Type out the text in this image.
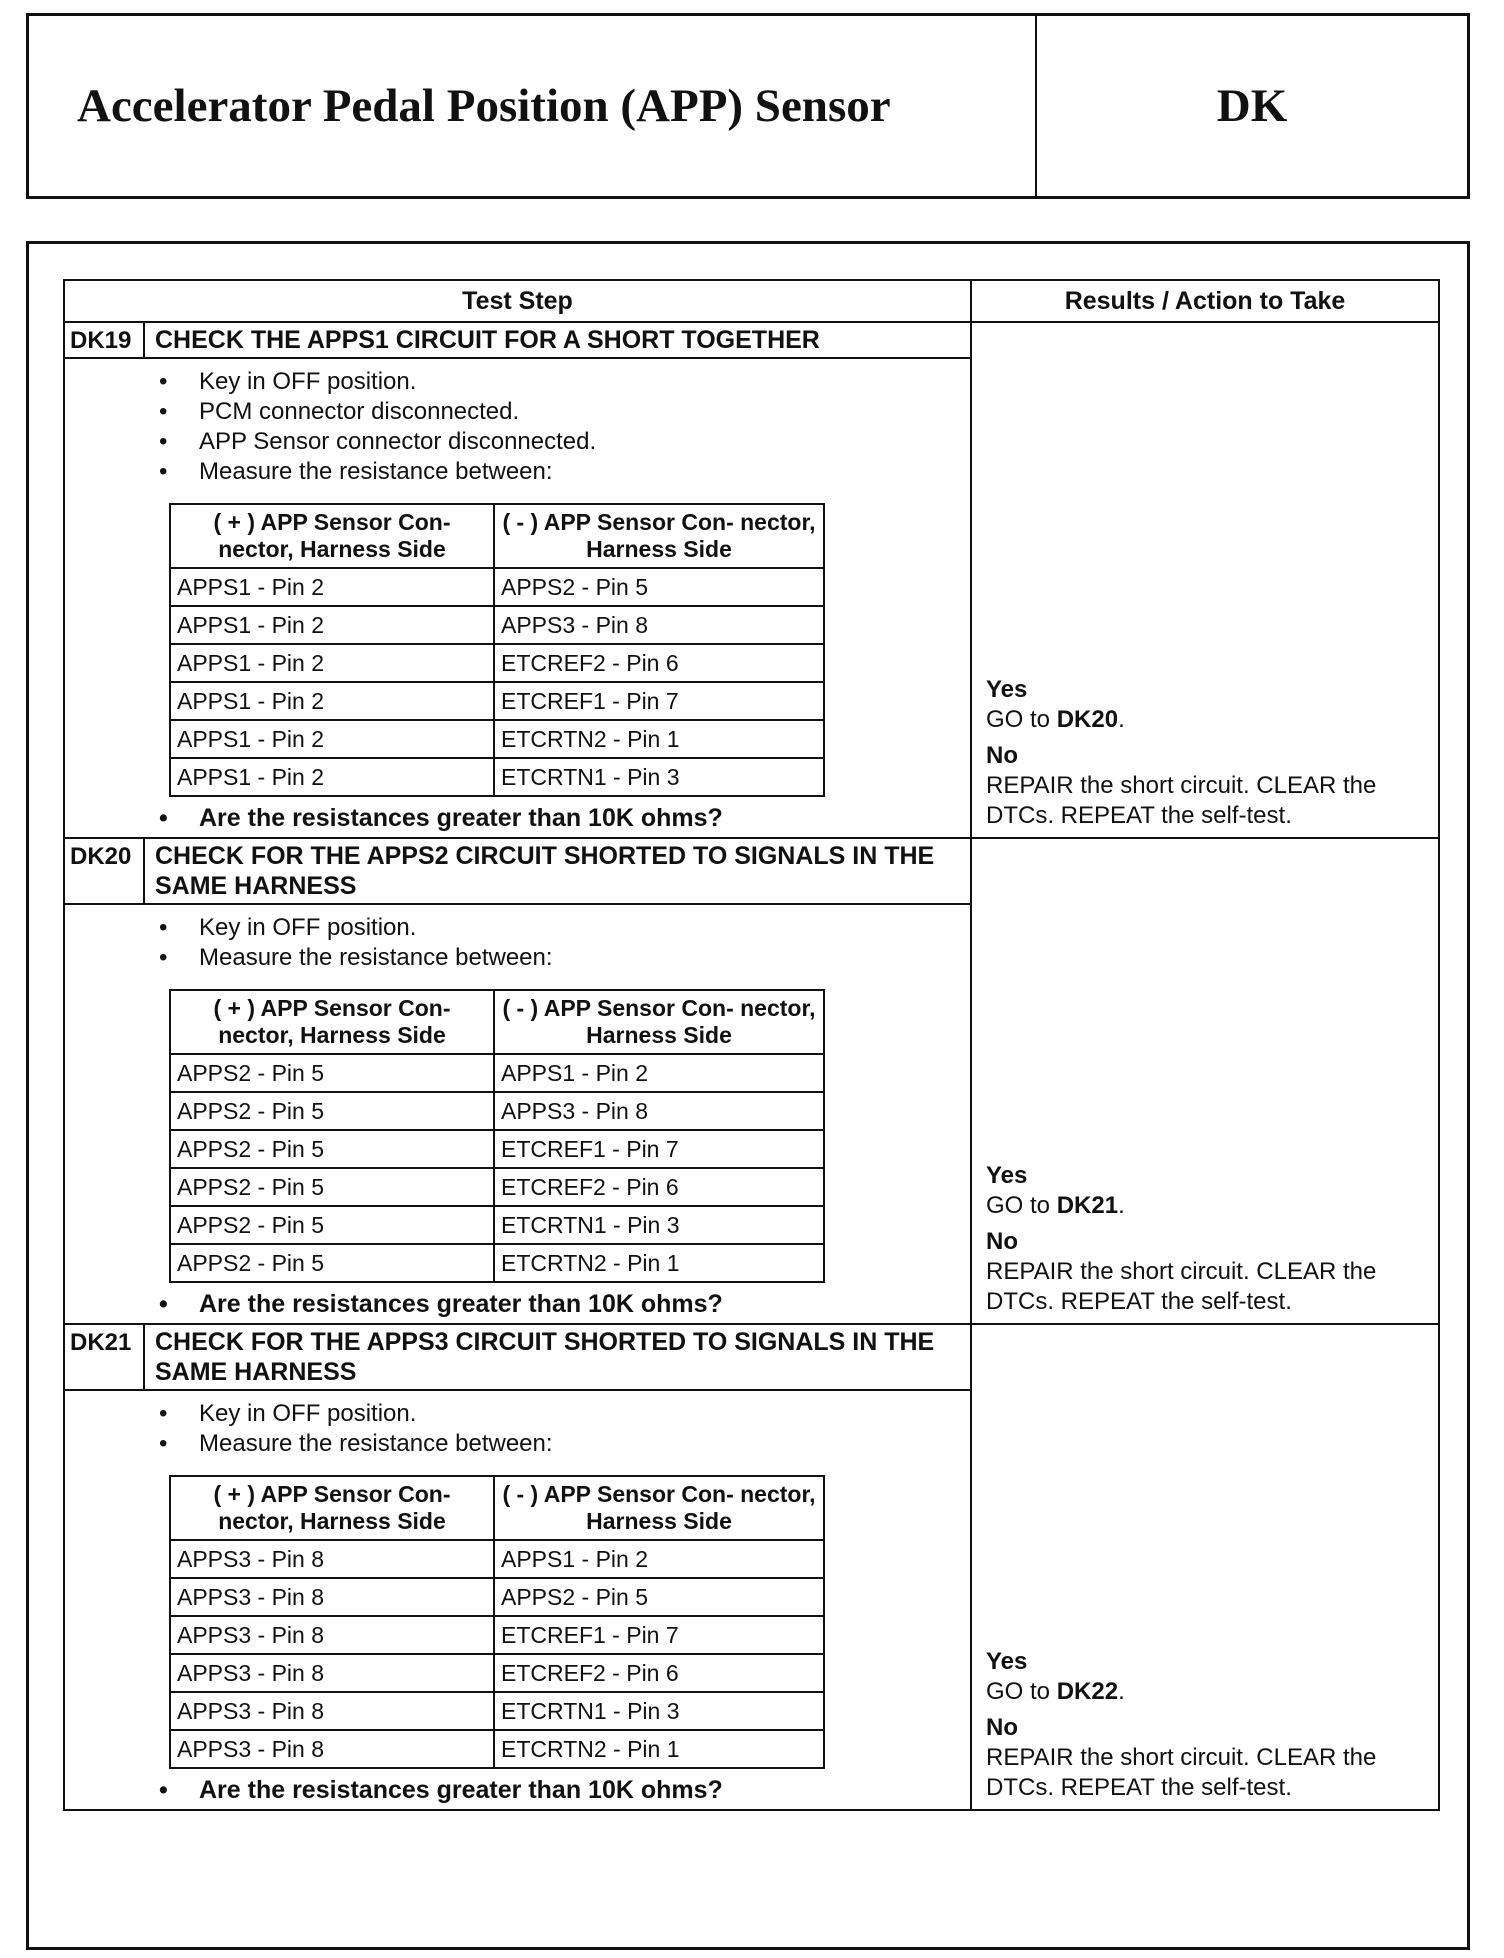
Accelerator Pedal Position (APP) Sensor	DK
Test Step	Results / Action to Take
DK19 CHECK THE APPS1 CIRCUIT FOR A SHORT TOGETHER
• Key in OFF position.
• PCM connector disconnected.
• APP Sensor connector disconnected.
• Measure the resistance between:
( + ) APP Sensor Con- nector, Harness Side	( - ) APP Sensor Con- nector, Harness Side
APPS1 - Pin 2	APPS2 - Pin 5
APPS1 - Pin 2	APPS3 - Pin 8
APPS1 - Pin 2	ETCREF2 - Pin 6
APPS1 - Pin 2	ETCREF1 - Pin 7
APPS1 - Pin 2	ETCRTN2 - Pin 1
APPS1 - Pin 2	ETCRTN1 - Pin 3
• Are the resistances greater than 10K ohms?
Yes
GO to DK20.
No
REPAIR the short circuit. CLEAR the DTCs. REPEAT the self-test.
DK20 CHECK FOR THE APPS2 CIRCUIT SHORTED TO SIGNALS IN THE SAME HARNESS
• Key in OFF position.
• Measure the resistance between:
( + ) APP Sensor Con- nector, Harness Side	( - ) APP Sensor Con- nector, Harness Side
APPS2 - Pin 5	APPS1 - Pin 2
APPS2 - Pin 5	APPS3 - Pin 8
APPS2 - Pin 5	ETCREF1 - Pin 7
APPS2 - Pin 5	ETCREF2 - Pin 6
APPS2 - Pin 5	ETCRTN1 - Pin 3
APPS2 - Pin 5	ETCRTN2 - Pin 1
• Are the resistances greater than 10K ohms?
Yes
GO to DK21.
No
REPAIR the short circuit. CLEAR the DTCs. REPEAT the self-test.
DK21 CHECK FOR THE APPS3 CIRCUIT SHORTED TO SIGNALS IN THE SAME HARNESS
• Key in OFF position.
• Measure the resistance between:
( + ) APP Sensor Con- nector, Harness Side	( - ) APP Sensor Con- nector, Harness Side
APPS3 - Pin 8	APPS1 - Pin 2
APPS3 - Pin 8	APPS2 - Pin 5
APPS3 - Pin 8	ETCREF1 - Pin 7
APPS3 - Pin 8	ETCREF2 - Pin 6
APPS3 - Pin 8	ETCRTN1 - Pin 3
APPS3 - Pin 8	ETCRTN2 - Pin 1
• Are the resistances greater than 10K ohms?
Yes
GO to DK22.
No
REPAIR the short circuit. CLEAR the DTCs. REPEAT the self-test.
